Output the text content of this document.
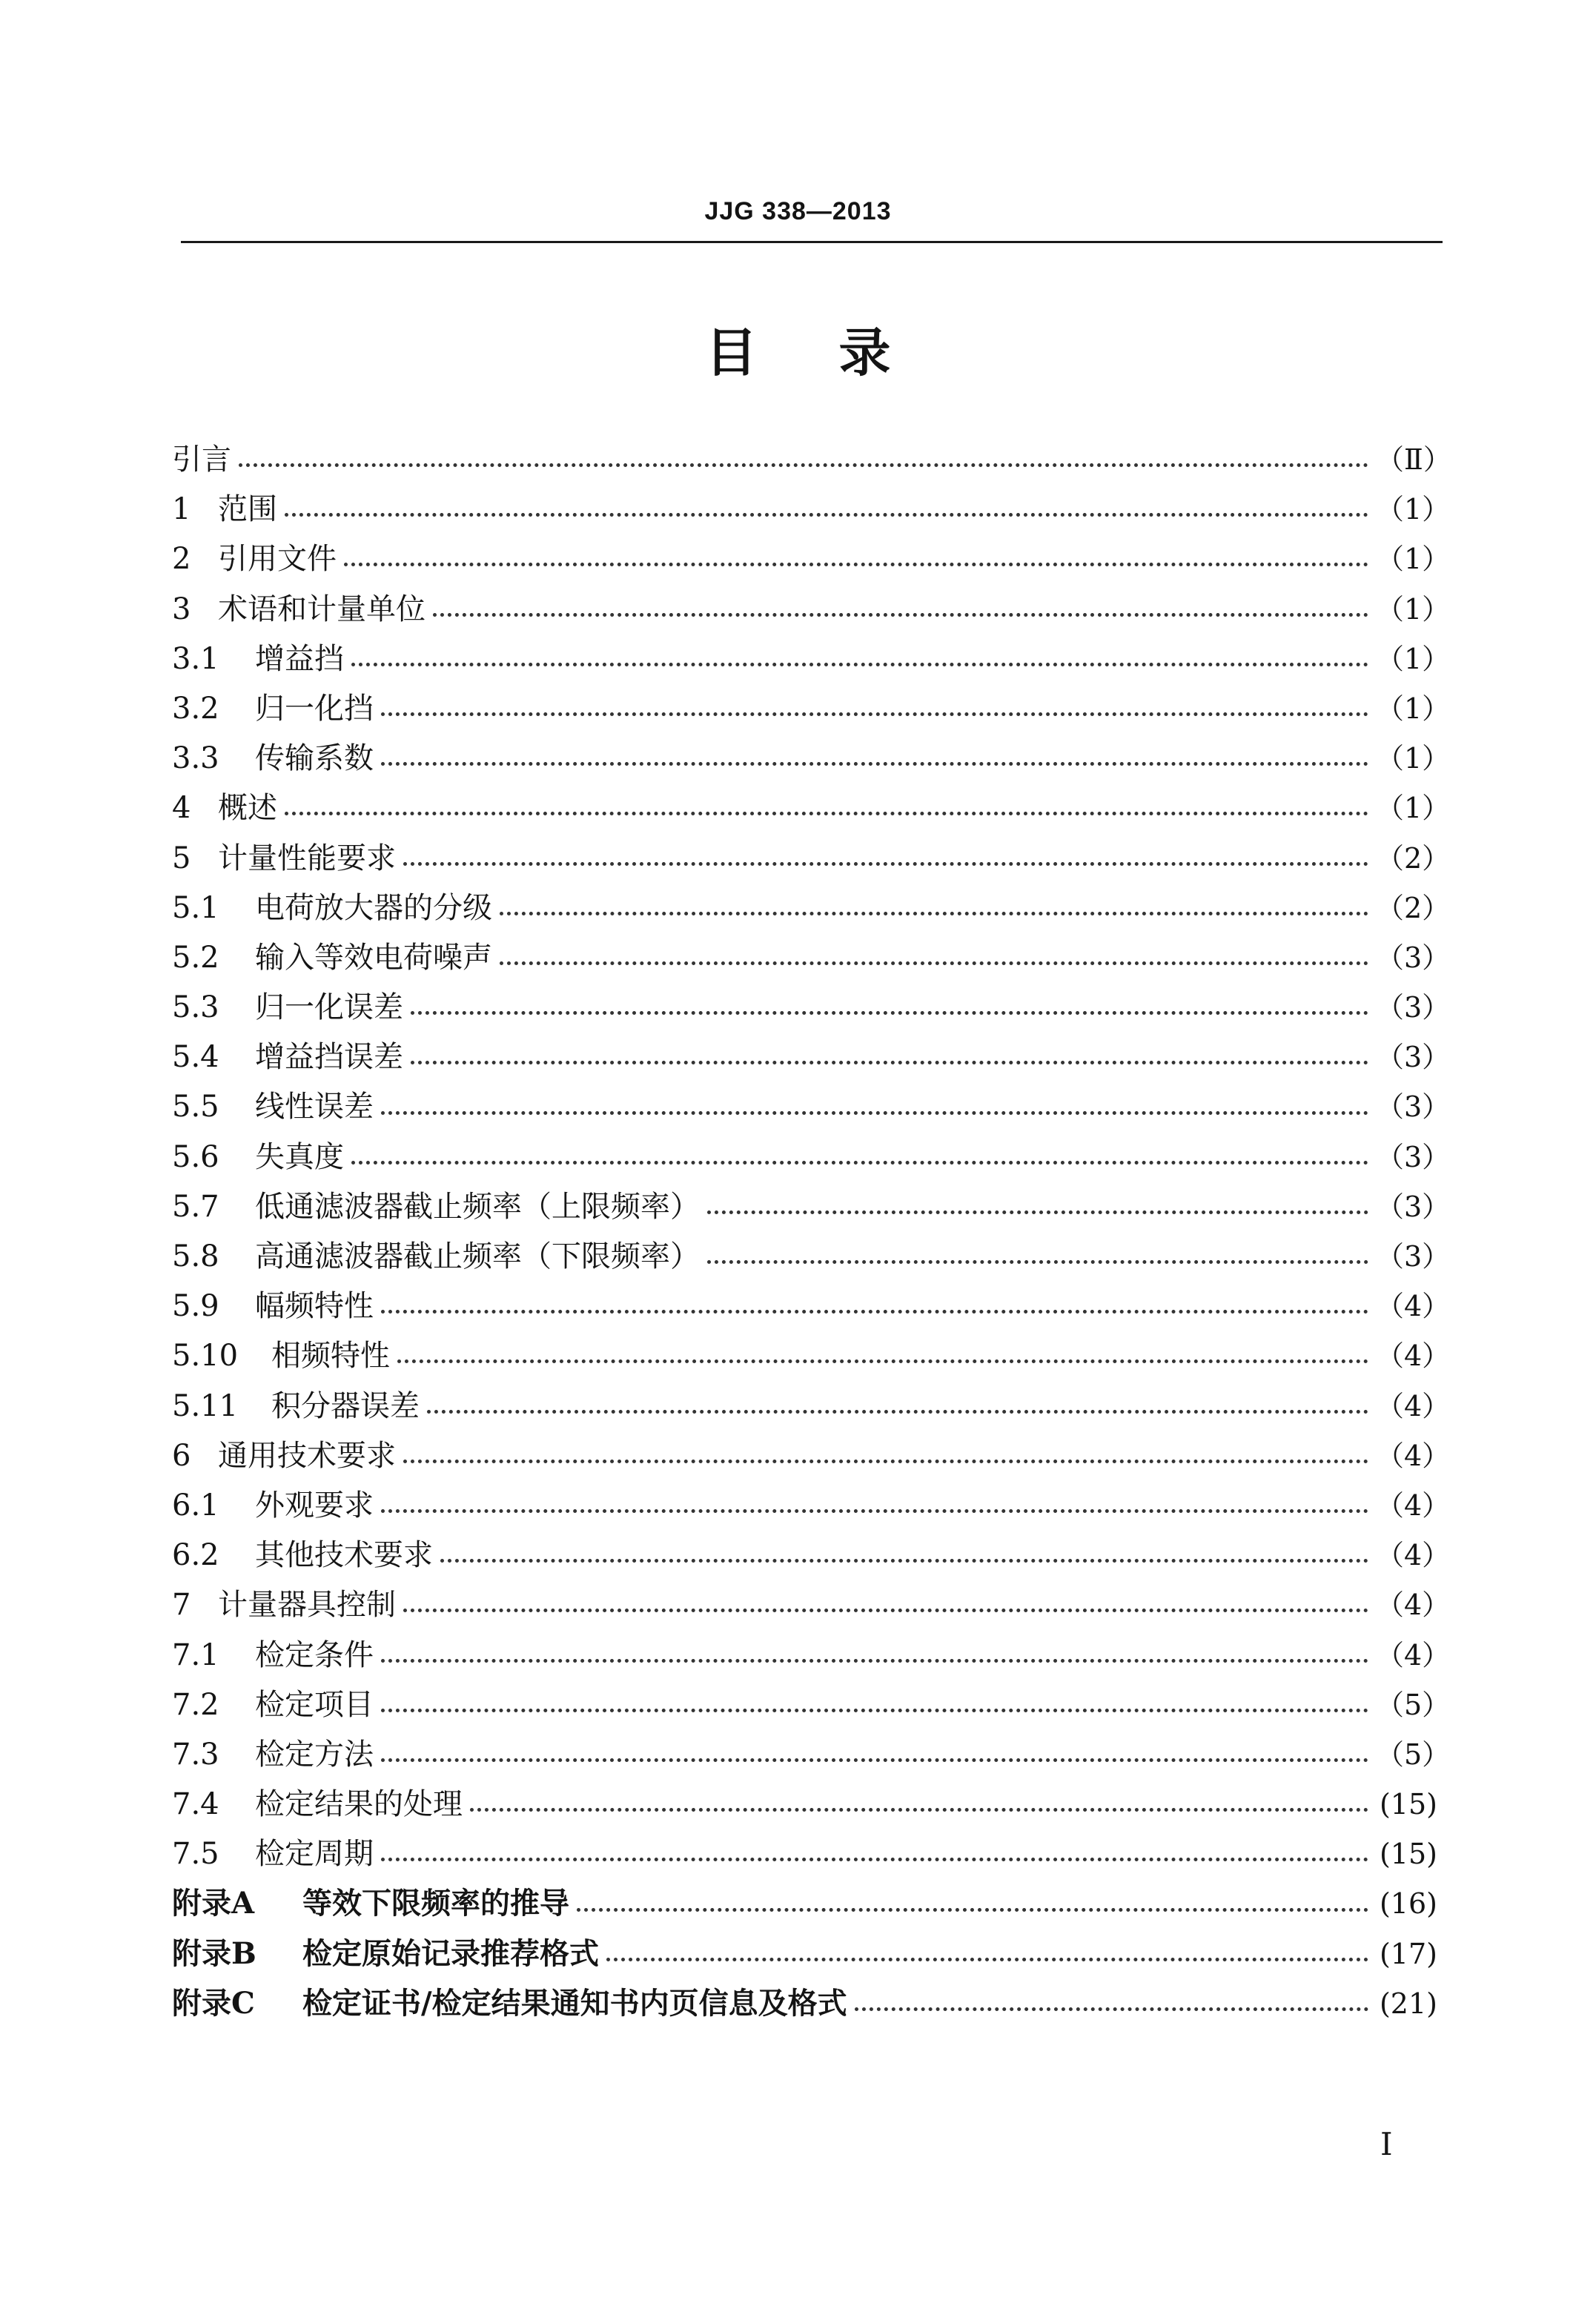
JJG 338—2013
目录
引言	（Ⅱ）
1 范围	（1）
2 引用文件	（1）
3 术语和计量单位	（1）
3.1	增益挡	（1）
3.2	归一化挡	（1）
3.3	传输系数	（1）
4 概述	（1）
5 计量性能要求	（2）
5.1	电荷放大器的分级	（2）
5.2	输入等效电荷噪声	（3）
5.3	归一化误差	（3）
5.4	增益挡误差	（3）
5.5	线性误差	（3）
5.6	失真度	（3）
5.7	低通滤波器截止频率（上限频率）	（3）
5.8	高通滤波器截止频率（下限频率）	（3）
5.9	幅频特性	（4）
5.10	相频特性	（4）
5.11	积分器误差	（4）
6 通用技术要求	（4）
6.1	外观要求	（4）
6.2	其他技术要求	（4）
7 计量器具控制	（4）
7.1	检定条件	（4）
7.2	检定项目	（5）
7.3	检定方法	（5）
7.4	检定结果的处理	(15)
7.5	检定周期	(15)
附录A	等效下限频率的推导	(16)
附录B	检定原始记录推荐格式	(17)
附录C	检定证书/检定结果通知书内页信息及格式	(21)
I
